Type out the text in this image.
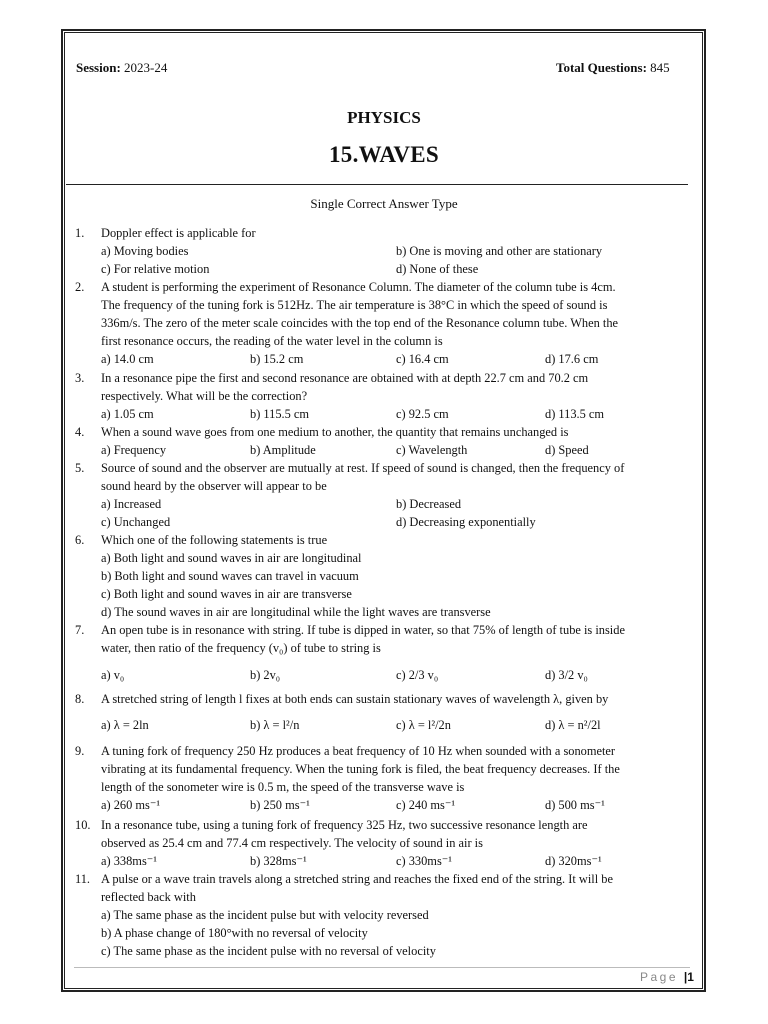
Session: 2023-24	Total Questions: 845
PHYSICS
15.WAVES
Single Correct Answer Type
1. Doppler effect is applicable for
a) Moving bodies	b) One is moving and other are stationary
c) For relative motion	d) None of these
2. A student is performing the experiment of Resonance Column. The diameter of the column tube is 4cm.
The frequency of the tuning fork is 512Hz. The air temperature is 38°C in which the speed of sound is
336m/s. The zero of the meter scale coincides with the top end of the Resonance column tube. When the
first resonance occurs, the reading of the water level in the column is
a) 14.0 cm	b) 15.2 cm	c) 16.4 cm	d) 17.6 cm
3. In a resonance pipe the first and second resonance are obtained with at depth 22.7 cm and 70.2 cm
respectively. What will be the correction?
a) 1.05 cm	b) 115.5 cm	c) 92.5 cm	d) 113.5 cm
4. When a sound wave goes from one medium to another, the quantity that remains unchanged is
a) Frequency	b) Amplitude	c) Wavelength	d) Speed
5. Source of sound and the observer are mutually at rest. If speed of sound is changed, then the frequency of
sound heard by the observer will appear to be
a) Increased	b) Decreased
c) Unchanged	d) Decreasing exponentially
6. Which one of the following statements is true
a) Both light and sound waves in air are longitudinal
b) Both light and sound waves can travel in vacuum
c) Both light and sound waves in air are transverse
d) The sound waves in air are longitudinal while the light waves are transverse
7. An open tube is in resonance with string. If tube is dipped in water, so that 75% of length of tube is inside
water, then ratio of the frequency (v₀) of tube to string is
a) v₀	b) 2v₀	c) 2/3 v₀	d) 3/2 v₀
8. A stretched string of length l fixes at both ends can sustain stationary waves of wavelength λ, given by
a) λ = 2ln	b) λ = l²/n	c) λ = l²/2n	d) λ = n²/2l
9. A tuning fork of frequency 250 Hz produces a beat frequency of 10 Hz when sounded with a sonometer
vibrating at its fundamental frequency. When the tuning fork is filed, the beat frequency decreases. If the
length of the sonometer wire is 0.5 m, the speed of the transverse wave is
a) 260 ms⁻¹	b) 250 ms⁻¹	c) 240 ms⁻¹	d) 500 ms⁻¹
10. In a resonance tube, using a tuning fork of frequency 325 Hz, two successive resonance length are
observed as 25.4 cm and 77.4 cm respectively. The velocity of sound in air is
a) 338ms⁻¹	b) 328ms⁻¹	c) 330ms⁻¹	d) 320ms⁻¹
11. A pulse or a wave train travels along a stretched string and reaches the fixed end of the string. It will be
reflected back with
a) The same phase as the incident pulse but with velocity reversed
b) A phase change of 180°with no reversal of velocity
c) The same phase as the incident pulse with no reversal of velocity
Page |1
